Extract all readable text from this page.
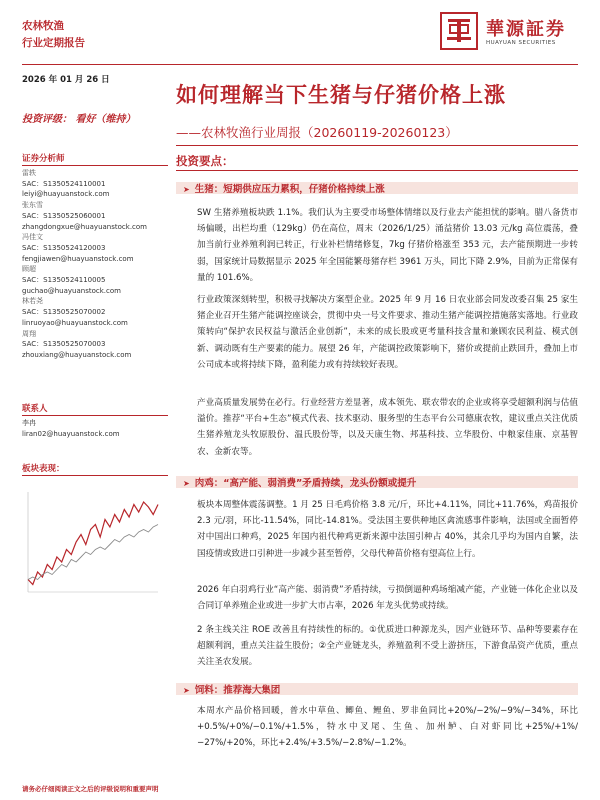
农林牧渔
行业定期报告
華源証券
HUAYUAN SECURITIES
2026 年 01 月 26 日
如何理解当下生猪与仔猪价格上涨
投资评级： 看好（维持）
——农林牧渔行业周报（20260119-20260123）
投资要点：
证券分析师
雷轶
SAC：S1350524110001
leiyi@huayuanstock.com
张东雪
SAC：S1350525060001
zhangdongxue@huayuanstock.com
冯佳文
SAC：S1350524120003
fengjiawen@huayuanstock.com
顾超
SAC：S1350524110005
guchao@huayuanstock.com
林若尧
SAC：S1350525070002
linruoyao@huayuanstock.com
周翔
SAC：S1350525070003
zhouxiang@huayuanstock.com
联系人
李冉
liran02@huayuanstock.com
板块表现：
➤ 生猪：短期供应压力累积，仔猪价格持续上涨
SW 生猪养殖板块跌 1.1%。我们认为主要受市场整体情绪以及行业去产能担忧的影响。腊八备货市场偏暖，出栏均重（129kg）仍在高位，周末（2026/1/25）涌益猪价 13.03 元/kg 高位震荡，叠加当前行业养殖利润已转正，行业补栏情绪修复，7kg 仔猪价格涨至 353 元，去产能预期进一步转弱，国家统计局数据显示 2025 年全国能繁母猪存栏 3961 万头，同比下降 2.9%，目前为正常保有量的 101.6%。
行业政策深刻转型，积极寻找解决方案型企业。2025 年 9 月 16 日农业部会同发改委召集 25 家生猪企业召开生猪产能调控座谈会，贯彻中央一号文件要求、推动生猪产能调控措施落实落地。行业政策转向“保护农民权益与激活企业创新”，未来的成长股或更考量科技含量和兼顾农民利益、模式创新、调动既有生产要素的能力。展望 26 年，产能调控政策影响下，猪价或提前止跌回升，叠加上市公司成本或将持续下降，盈利能力或有持续较好表现。
产业高质量发展势在必行。行业经营方差显著，成本领先、联农带农的企业或将享受超额利润与估值溢价。推荐“平台+生态”模式代表、技术驱动、服务型的生态平台公司德康农牧，建议重点关注优质生猪养殖龙头牧原股份、温氏股份等，以及天康生物、邦基科技、立华股份、中粮家佳康、京基智农、金新农等。
➤ 肉鸡：“高产能、弱消费”矛盾持续，龙头份额或提升
板块本周整体震荡调整。1 月 25 日毛鸡价格 3.8 元/斤，环比+4.11%，同比+11.76%，鸡苗报价 2.3 元/羽，环比-11.54%，同比-14.81%。受法国主要供种地区禽流感事件影响，法国或全面暂停对中国出口种鸡，2025 年国内祖代种鸡更新来源中法国引种占 40%，其余几乎均为国内自繁，法国疫情或致进口引种进一步减少甚至暂停，父母代种苗价格有望高位上行。
2026 年白羽鸡行业“高产能、弱消费”矛盾持续，亏损倒逼种鸡场缩减产能，产业链一体化企业以及合同订单养殖企业或进一步扩大市占率，2026 年龙头优势或持续。
2 条主线关注 ROE 改善且有持续性的标的。①优质进口种源龙头，因产业链环节、品种等要素存在超额利润，重点关注益生股份；②全产业链龙头，养殖盈利不受上游挤压，下游食品资产优质，重点关注圣农发展。
➤ 饲料：推荐海大集团
本周水产品价格回暖，普水中草鱼、鲫鱼、鲤鱼、罗非鱼同比+20%/−2%/−9%/−34%，环比+0.5%/+0%/−0.1%/+1.5%，特水中叉尾、生鱼、加州鲈、白对虾同比+25%/+1%/−27%/+20%，环比+2.4%/+3.5%/−2.8%/−1.2%。
请务必仔细阅读正文之后的评级说明和重要声明
